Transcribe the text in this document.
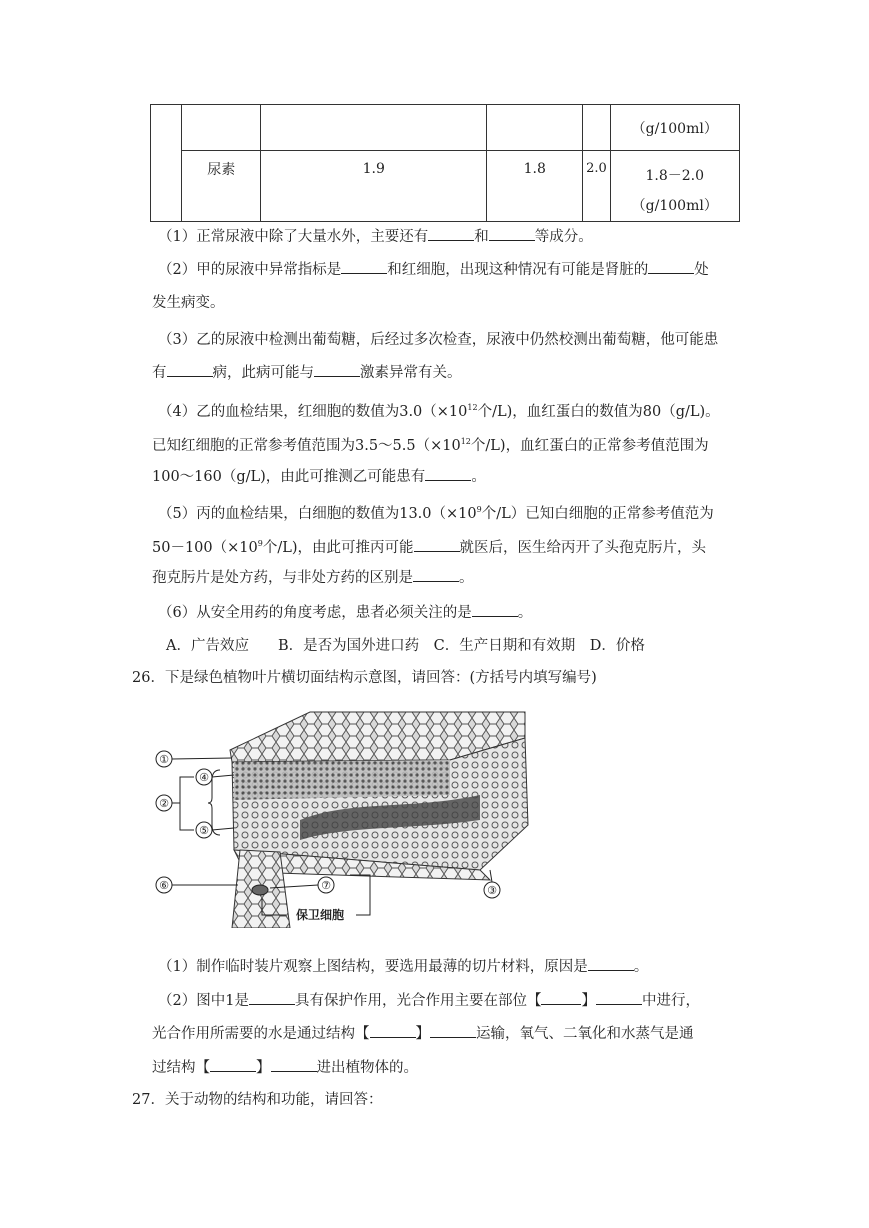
					（g/100ml）
	尿素	1.9	1.8	2.0	1.8－2.0
（g/100ml）
（1）正常尿液中除了大量水外，主要还有	和	等成分。
（2）甲的尿液中异常指标是	和红细胞，出现这种情况有可能是肾脏的	处
发生病变。
（3）乙的尿液中检测出葡萄糖，后经过多次检查，尿液中仍然校测出葡萄糖，他可能患
有	病，此病可能与	激素异常有关。
（4）乙的血检结果，红细胞的数值为$3.0(\times 10^{12}$个/L)，血红蛋白的数值为80（g/L)。
已知红细胞的正常参考值范围为$3.5\sim 5.5(\times 10^{12}$个/L)，血红蛋白的正常参考值范围为
100～160（g/L)，由此可推测乙可能患有	。
（5）丙的血检结果，白细胞的数值为$13.0(\times 10^9$个/L）已知白细胞的正常参考值范为
$50-100(\times 10^9$个/L)，由此可推丙可能	就医后，医生给丙开了头孢克肟片，头
孢克肟片是处方药，与非处方药的区别是	。
（6）从安全用药的角度考虑，患者必须关注的是	。
A．广告效应　　B．是否为国外进口药　C．生产日期和有效期　D．价格
26．下是绿色植物叶片横切面结构示意图，请回答：(方括号内填写编号)
①
②
③
④
⑤
⑥	⑦
保卫细胞
（1）制作临时装片观察上图结构，要选用最薄的切片材料，原因是	。
（2）图中1是	具有保护作用，光合作用主要在部位【	】	中进行，
光合作用所需要的水是通过结构【	】	运输，氧气、二氧化和水蒸气是通
过结构【	】	进出植物体的。
27．关于动物的结构和功能，请回答：
